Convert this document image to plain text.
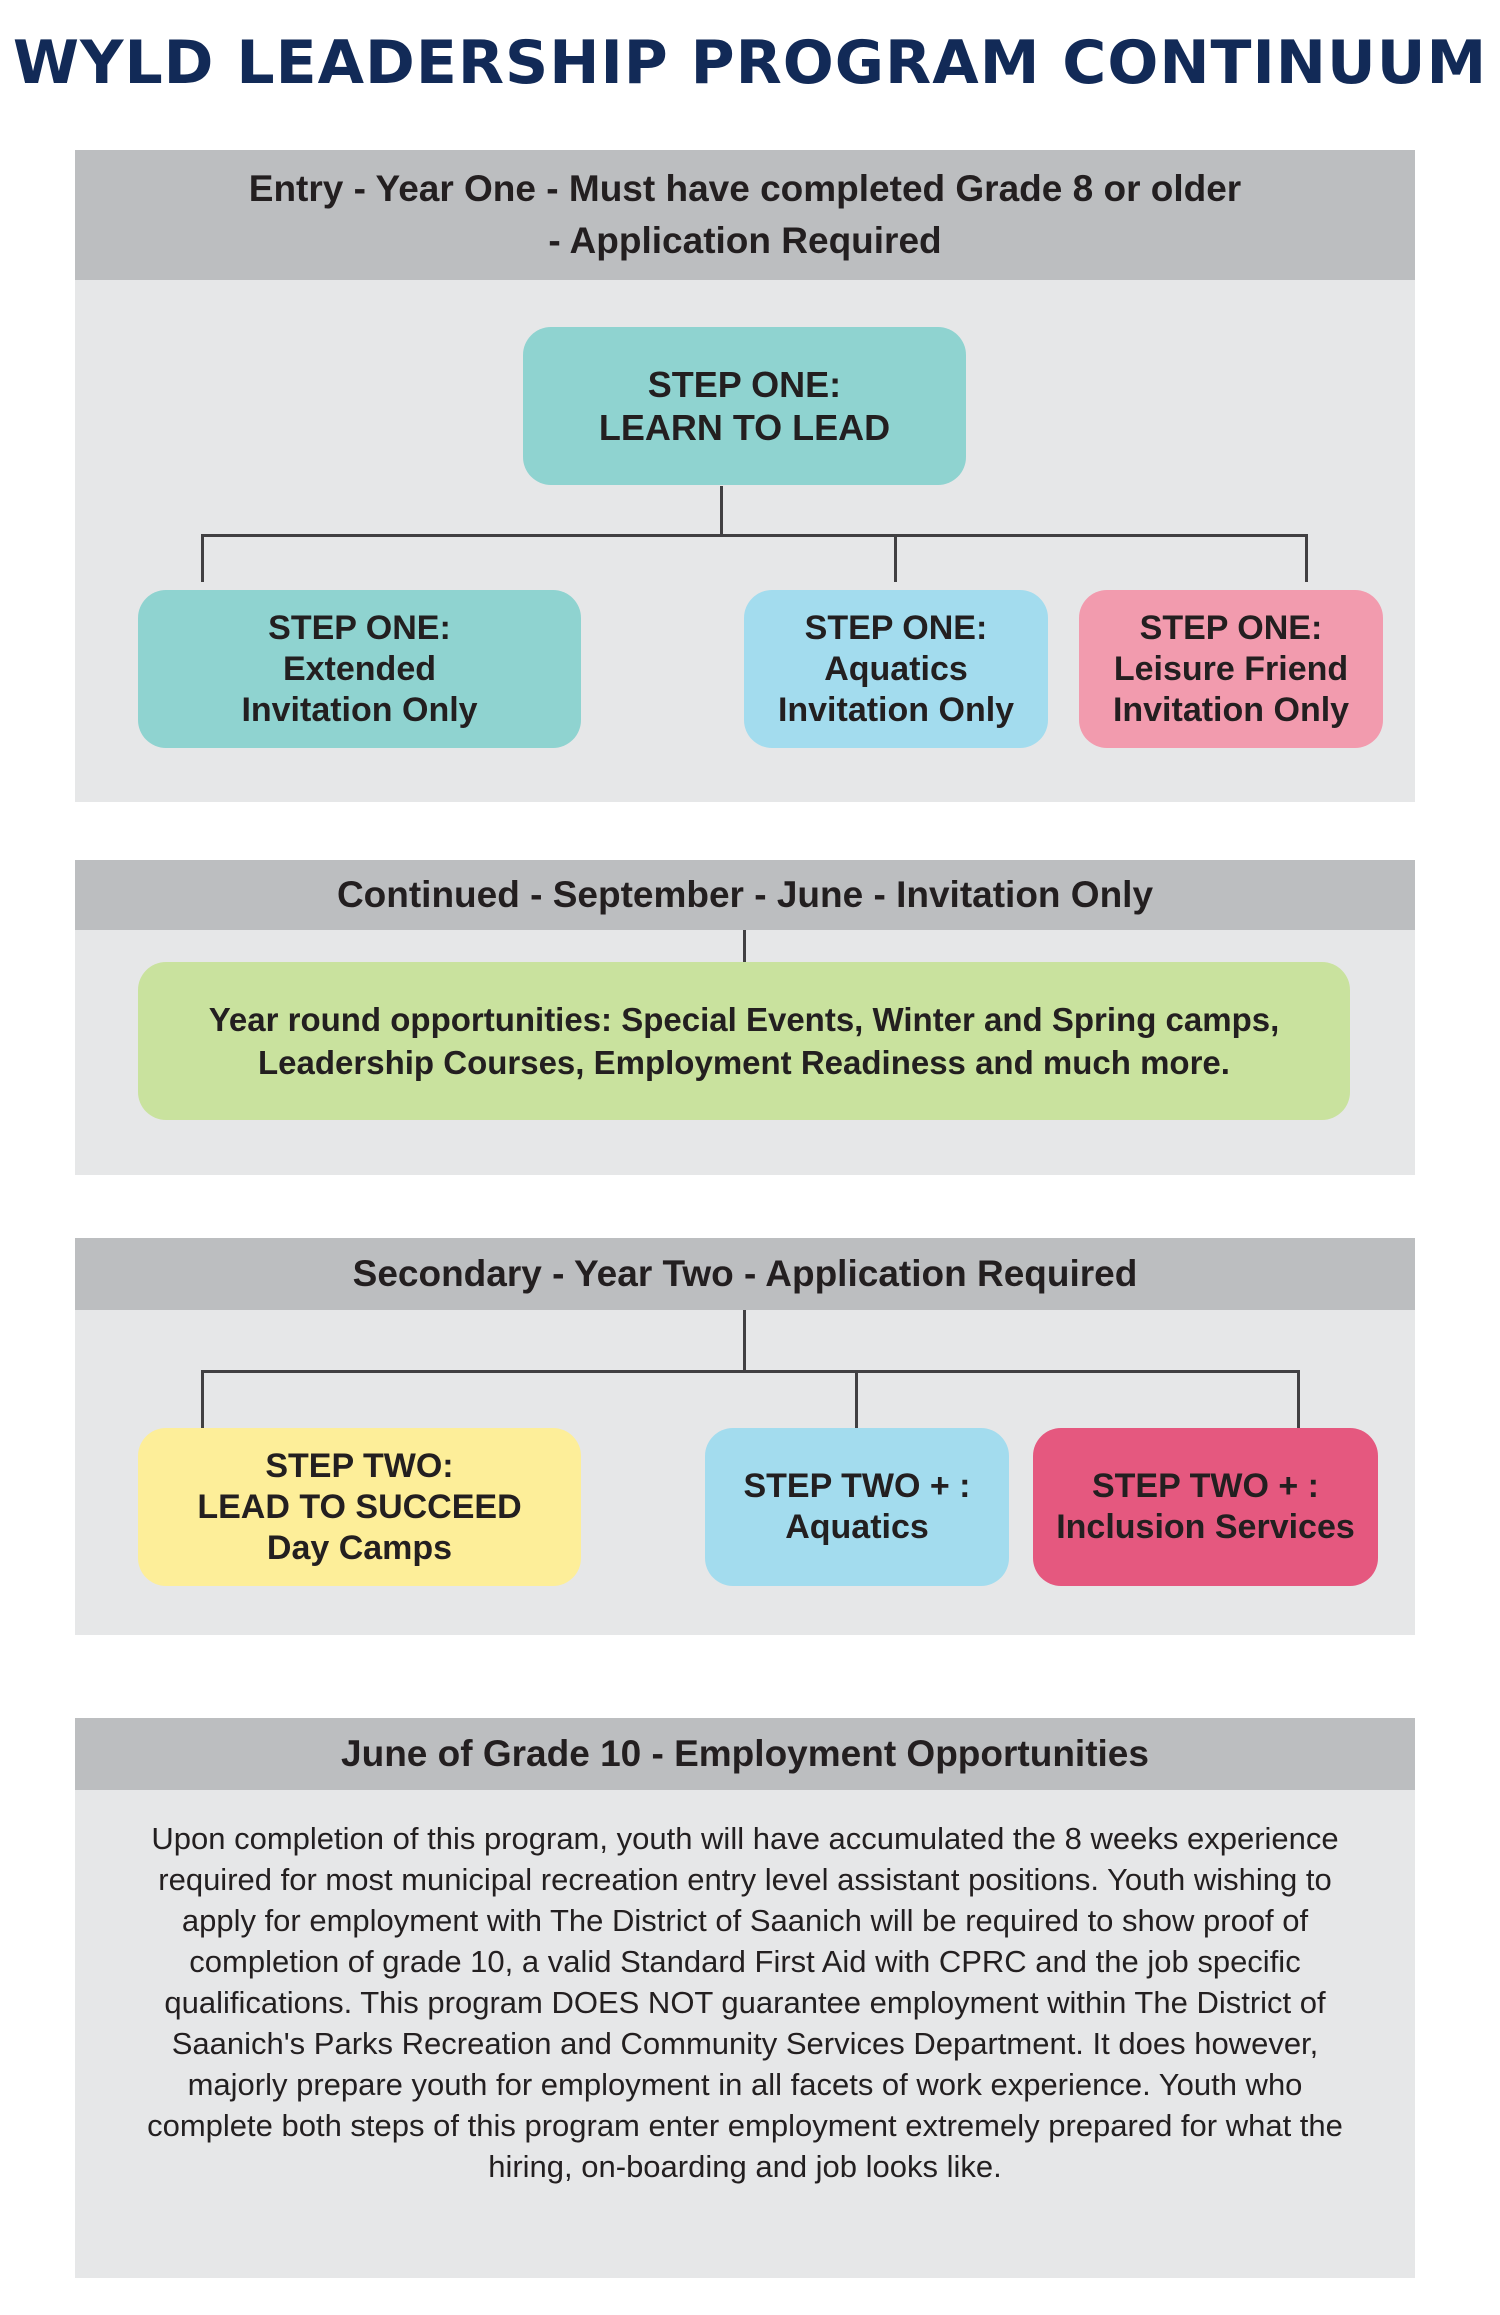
WYLD LEADERSHIP PROGRAM CONTINUUM
Entry - Year One - Must have completed Grade 8 or older
- Application Required
STEP ONE:
LEARN TO LEAD
STEP ONE:
Extended
Invitation Only
STEP ONE:
Aquatics
Invitation Only
STEP ONE:
Leisure Friend
Invitation Only
Continued - September - June - Invitation Only
Year round opportunities: Special Events, Winter and Spring camps,
Leadership Courses, Employment Readiness and much more.
Secondary - Year Two - Application Required
STEP TWO:
LEAD TO SUCCEED
Day Camps
STEP TWO + :
Aquatics
STEP TWO + :
Inclusion Services
June of Grade 10 - Employment Opportunities
Upon completion of this program, youth will have accumulated the 8 weeks experience required for most municipal recreation entry level assistant positions. Youth wishing to apply for employment with The District of Saanich will be required to show proof of completion of grade 10, a valid Standard First Aid with CPRC and the job specific qualifications. This program DOES NOT guarantee employment within The District of Saanich's Parks Recreation and Community Services Department. It does however, majorly prepare youth for employment in all facets of work experience. Youth who complete both steps of this program enter employment extremely prepared for what the hiring, on-boarding and job looks like.
